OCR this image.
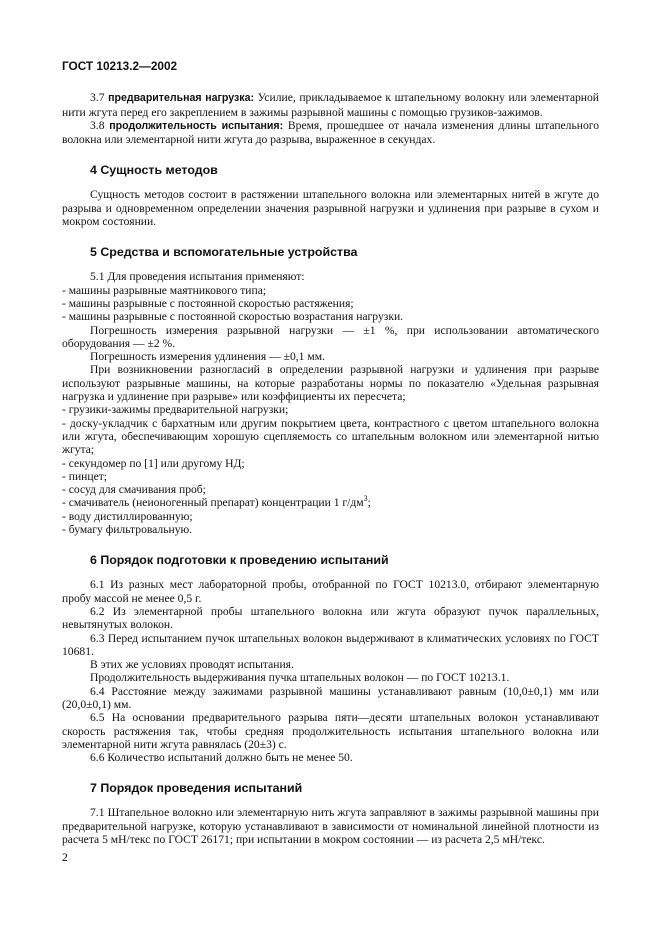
ГОСТ 10213.2—2002

3.7 предварительная нагрузка: Усилие, прикладываемое к штапельному волокну или элементарной нити жгута перед его закреплением в зажимы разрывной машины с помощью грузиков-зажимов.

3.8 продолжительность испытания: Время, прошедшее от начала изменения длины штапельного волокна или элементарной нити жгута до разрыва, выраженное в секундах.

4 Сущность методов

Сущность методов состоит в растяжении штапельного волокна или элементарных нитей в жгуте до разрыва и одновременном определении значения разрывной нагрузки и удлинения при разрыве в сухом и мокром состоянии.

5 Средства и вспомогательные устройства

5.1 Для проведения испытания применяют:

- машины разрывные маятникового типа;

- машины разрывные с постоянной скоростью растяжения;

- машины разрывные с постоянной скоростью возрастания нагрузки.

Погрешность измерения разрывной нагрузки — ±1 %, при использовании автоматического оборудования — ±2 %.

Погрешность измерения удлинения — ±0,1 мм.

При возникновении разногласий в определении разрывной нагрузки и удлинения при разрыве используют разрывные машины, на которые разработаны нормы по показателю «Удельная разрывная нагрузка и удлинение при разрыве» или коэффициенты их пересчета;

- грузики-зажимы предварительной нагрузки;

- доску-укладчик с бархатным или другим покрытием цвета, контрастного с цветом штапельного волокна или жгута, обеспечивающим хорошую сцепляемость со штапельным волокном или элементарной нитью жгута;

- секундомер по [1] или другому НД;

- пинцет;

- сосуд для смачивания проб;

- смачиватель (неионогенный препарат) концентрации 1 $г/дм^3$;

- воду дистиллированную;

- бумагу фильтровальную.

6 Порядок подготовки к проведению испытаний

6.1 Из разных мест лабораторной пробы, отобранной по ГОСТ 10213.0, отбирают элементарную пробу массой не менее 0,5 г.

6.2 Из элементарной пробы штапельного волокна или жгута образуют пучок параллельных, невытянутых волокон.

6.3 Перед испытанием пучок штапельных волокон выдерживают в климатических условиях по ГОСТ 10681.

В этих же условиях проводят испытания.

Продолжительность выдерживания пучка штапельных волокон — по ГОСТ 10213.1.

6.4 Расстояние между зажимами разрывной машины устанавливают равным (10,0±0,1) мм или (20,0±0,1) мм.

6.5 На основании предварительного разрыва пяти—десяти штапельных волокон устанавливают скорость растяжения так, чтобы средняя продолжительность испытания штапельного волокна или элементарной нити жгута равнялась (20±3) с.

6.6 Количество испытаний должно быть не менее 50.

7 Порядок проведения испытаний

7.1 Штапельное волокно или элементарную нить жгута заправляют в зажимы разрывной машины при предварительной нагрузке, которую устанавливают в зависимости от номинальной линейной плотности из расчета 5 мН/текс по ГОСТ 26171; при испытании в мокром состоянии — из расчета 2,5 мН/текс.

2
